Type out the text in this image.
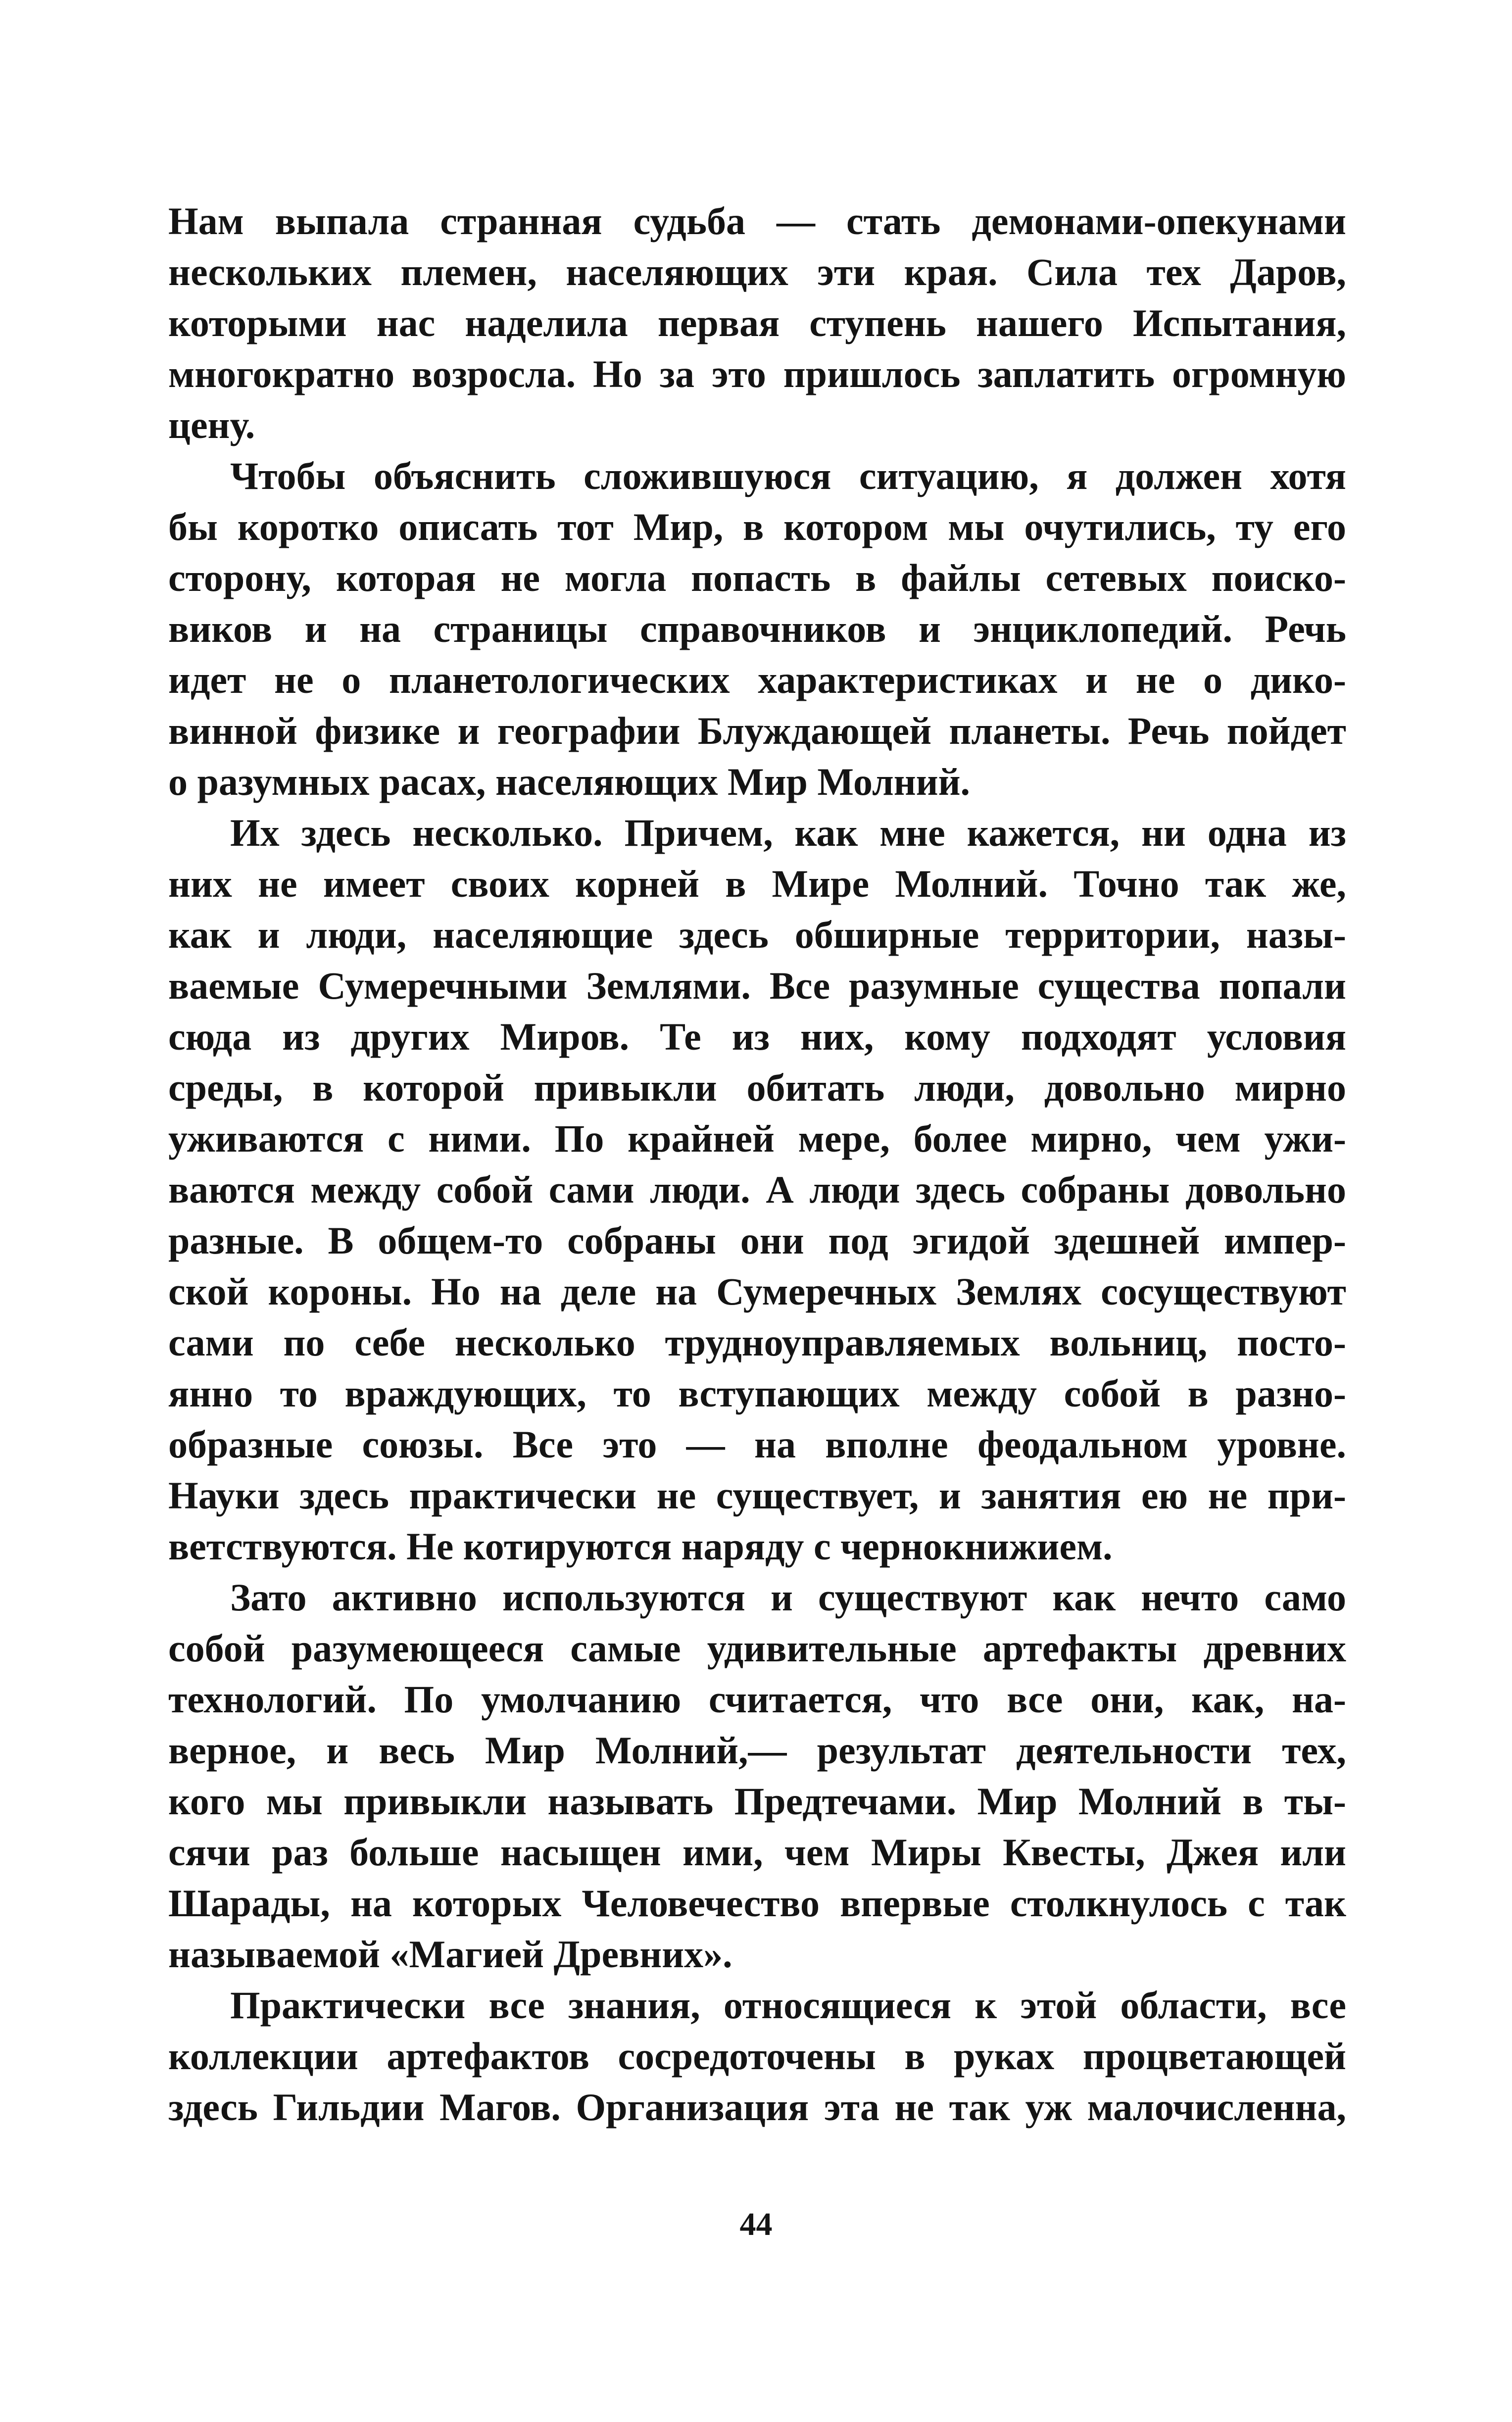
Нам выпала странная судьба — стать демонами-опекунами
нескольких племен, населяющих эти края. Сила тех Даров,
которыми нас наделила первая ступень нашего Испытания,
многократно возросла. Но за это пришлось заплатить огромную
цену.
Чтобы объяснить сложившуюся ситуацию, я должен хотя
бы коротко описать тот Мир, в котором мы очутились, ту его
сторону, которая не могла попасть в файлы сетевых поиско-
виков и на страницы справочников и энциклопедий. Речь
идет не о планетологических характеристиках и не о дико-
винной физике и географии Блуждающей планеты. Речь пойдет
о разумных расах, населяющих Мир Молний.
Их здесь несколько. Причем, как мне кажется, ни одна из
них не имеет своих корней в Мире Молний. Точно так же,
как и люди, населяющие здесь обширные территории, назы-
ваемые Сумеречными Землями. Все разумные существа попали
сюда из других Миров. Те из них, кому подходят условия
среды, в которой привыкли обитать люди, довольно мирно
уживаются с ними. По крайней мере, более мирно, чем ужи-
ваются между собой сами люди. А люди здесь собраны довольно
разные. В общем-то собраны они под эгидой здешней импер-
ской короны. Но на деле на Сумеречных Землях сосуществуют
сами по себе несколько трудноуправляемых вольниц, посто-
янно то враждующих, то вступающих между собой в разно-
образные союзы. Все это — на вполне феодальном уровне.
Науки здесь практически не существует, и занятия ею не при-
ветствуются. Не котируются наряду с чернокнижием.
Зато активно используются и существуют как нечто само
собой разумеющееся самые удивительные артефакты древних
технологий. По умолчанию считается, что все они, как, на-
верное, и весь Мир Молний,— результат деятельности тех,
кого мы привыкли называть Предтечами. Мир Молний в ты-
сячи раз больше насыщен ими, чем Миры Квесты, Джея или
Шарады, на которых Человечество впервые столкнулось с так
называемой «Магией Древних».
Практически все знания, относящиеся к этой области, все
коллекции артефактов сосредоточены в руках процветающей
здесь Гильдии Магов. Организация эта не так уж малочисленна,
44
